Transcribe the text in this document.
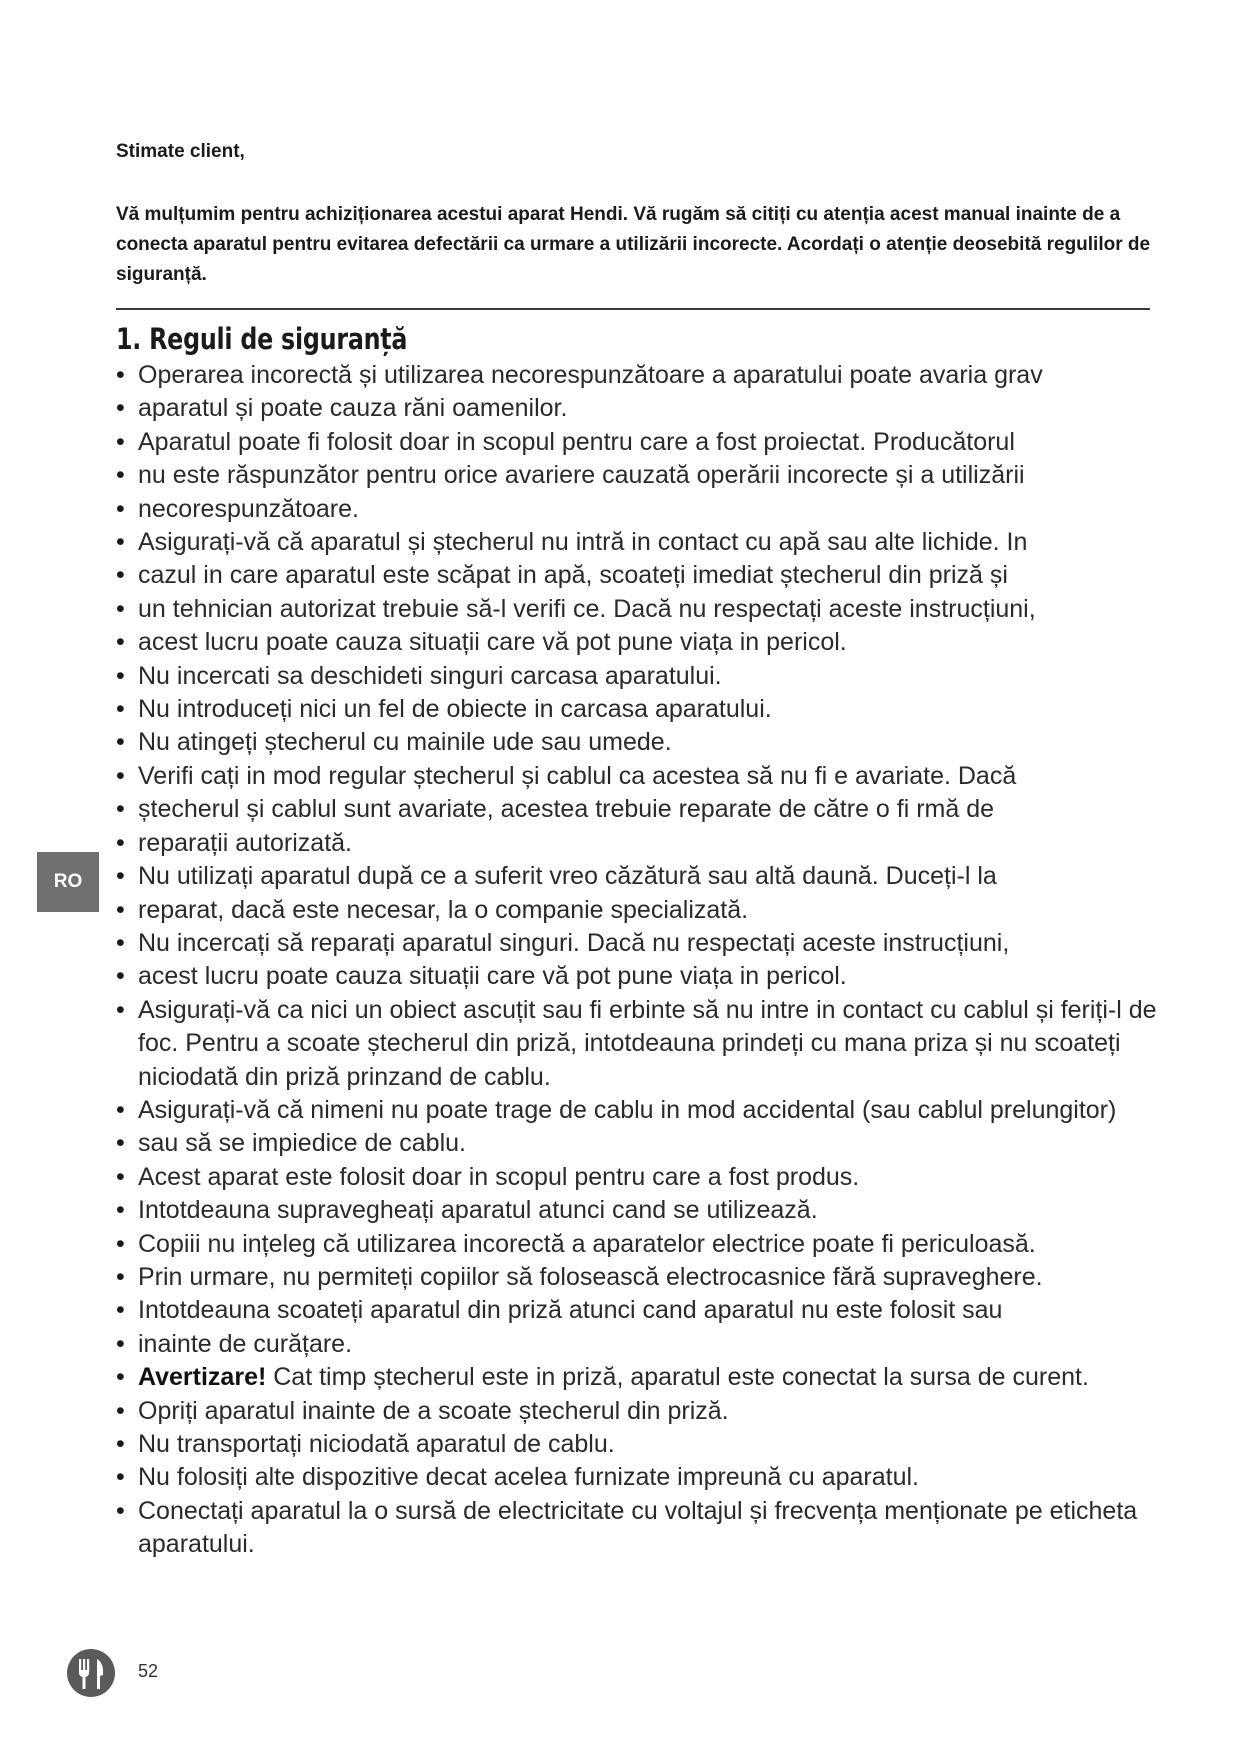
Stimate client,

Vă mulțumim pentru achiziționarea acestui aparat Hendi. Vă rugăm să citiți cu atenția acest manual inainte de a conecta aparatul pentru evitarea defectării ca urmare a utilizării incorecte. Acordați o atenție deosebită regulilor de siguranță.

1. Reguli de siguranță
• Operarea incorectă și utilizarea necorespunzătoare a aparatului poate avaria grav
• aparatul și poate cauza răni oamenilor.
• Aparatul poate fi folosit doar in scopul pentru care a fost proiectat. Producătorul
• nu este răspunzător pentru orice avariere cauzată operării incorecte și a utilizării
• necorespunzătoare.
• Asigurați-vă că aparatul și ștecherul nu intră in contact cu apă sau alte lichide. In
• cazul in care aparatul este scăpat in apă, scoateți imediat ștecherul din priză și
• un tehnician autorizat trebuie să-l verifi ce. Dacă nu respectați aceste instrucțiuni,
• acest lucru poate cauza situații care vă pot pune viața in pericol.
• Nu incercati sa deschideti singuri carcasa aparatului.
• Nu introduceți nici un fel de obiecte in carcasa aparatului.
• Nu atingeți ștecherul cu mainile ude sau umede.
• Verifi cați in mod regular ștecherul și cablul ca acestea să nu fi e avariate. Dacă
• ștecherul și cablul sunt avariate, acestea trebuie reparate de către o fi rmă de
• reparații autorizată.
• Nu utilizați aparatul după ce a suferit vreo căzătură sau altă daună. Duceți-l la
• reparat, dacă este necesar, la o companie specializată.
• Nu incercați să reparați aparatul singuri. Dacă nu respectați aceste instrucțiuni,
• acest lucru poate cauza situații care vă pot pune viața in pericol.
• Asigurați-vă ca nici un obiect ascuțit sau fi erbinte să nu intre in contact cu cablul și feriți-l de foc. Pentru a scoate ștecherul din priză, intotdeauna prindeți cu mana priza și nu scoateți niciodată din priză prinzand de cablu.
• Asigurați-vă că nimeni nu poate trage de cablu in mod accidental (sau cablul prelungitor)
• sau să se impiedice de cablu.
• Acest aparat este folosit doar in scopul pentru care a fost produs.
• Intotdeauna supravegheați aparatul atunci cand se utilizează.
• Copiii nu ințeleg că utilizarea incorectă a aparatelor electrice poate fi periculoasă.
• Prin urmare, nu permiteți copiilor să folosească electrocasnice fără supraveghere.
• Intotdeauna scoateți aparatul din priză atunci cand aparatul nu este folosit sau
• inainte de curățare.
• Avertizare! Cat timp ștecherul este in priză, aparatul este conectat la sursa de curent.
• Opriți aparatul inainte de a scoate ștecherul din priză.
• Nu transportați niciodată aparatul de cablu.
• Nu folosiți alte dispozitive decat acelea furnizate impreună cu aparatul.
• Conectați aparatul la o sursă de electricitate cu voltajul și frecvența menționate pe eticheta aparatului.
RO
52
